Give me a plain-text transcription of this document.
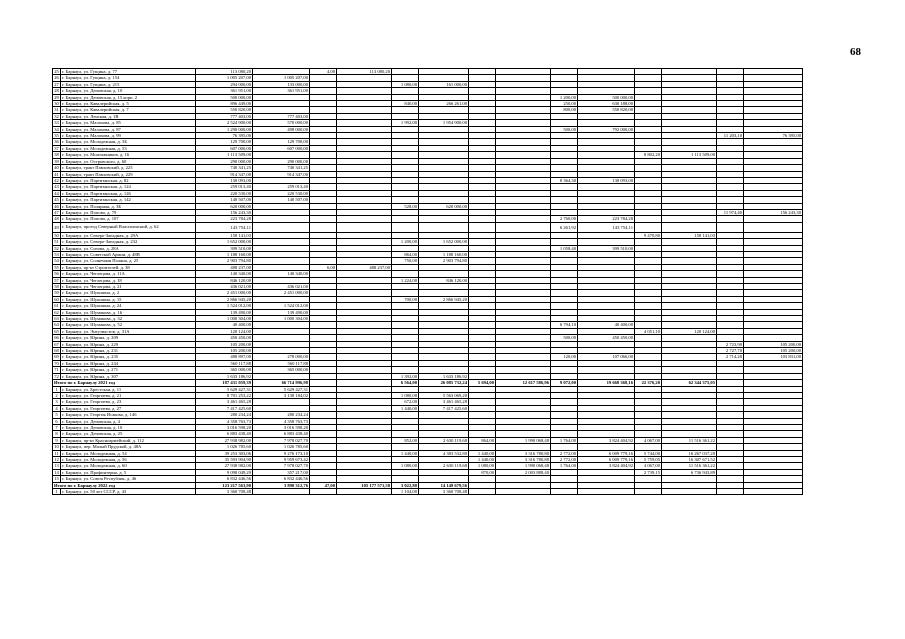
68
25	г. Барнаул, ул. Гущина, д. 77	113 080,20		4,00	113 080,20										
26	г. Барнаул, ул. Гущина, д. 154	1 005 207,00	1 005 207,00												
27	г. Барнаул, ул. Гущина, д. 215	294 000,00	133 000,00			1 080,00	161 000,00								
28	г. Барнаул, ул. Деповская, д. 10	361 951,00	361 951,00												
29	г. Барнаул, ул. Деповская, д. 15 корп. 2	500 000,00								1 200,00	500 000,00				
30	г. Барнаул, ул. Кавалерийская, д. 5	896 449,00				840,00	266 261,00			250,00	630 188,00				
31	г. Барнаул, ул. Кавалерийская, д. 7	550 820,00								800,00	550 820,00				
32	г. Барнаул, ул. Ленская, д. 1В	777 403,00	777 403,00												
33	г. Барнаул, ул. Малахова, д. 85	2 524 900,00	570 000,00			1 992,00	1 954 900,00								
34	г. Барнаул, ул. Малахова, д. 87	1 290 000,00	498 000,00							500,00	792 000,00				
35	г. Барнаул, ул. Малахова, д. 99	76 395,00												11 203,10	76 395,00
36	г. Барнаул, ул. Молодежная, д. 3Б	129 700,00	129 700,00												
37	г. Барнаул, ул. Молодежная, д. 53	607 000,00	607 000,00												
38	г. Барнаул, ул. Монтажников, д. 16	1 113 509,00										8 802,20	1 113 509,00		
39	г. Барнаул, ул. Островского, д. 60	290 000,00	290 000,00												
40	г. Барнаул, тракт Павловский, д. 225	740 341,25	740 341,25												
41	г. Барнаул, тракт Павловский, д. 229	914 347,00	914 347,00												
42	г. Барнаул, ул. Партизанская, д. 82	130 093,00								8 364,30	130 093,00				
43	г. Барнаул, ул. Партизанская, д. 124	259 013,40	259 013,40												
44	г. Барнаул, ул. Партизанская, д. 126	220 530,00	220 530,00												
45	г. Барнаул, ул. Партизанская, д. 142	140 507,00	140 507,00												
46	г. Барнаул, ул. Полярная, д. 3Б	620 000,00				528,00	620 000,00								
47	г. Барнаул, ул. Попова, д. 79	156 243,30												11 974,40	156 243,30
48	г. Барнаул, ул. Попова, д. 107	223 784,28								2 760,00	223 784,28				
49	г. Барнаул, проезд Северный Власихинский, д. 62	143 754,11								6 261,92	143 754,11				
50	г. Барнаул, ул. Северо-Западная, д. 29А	158 141,03										9 470,80	158 141,03		
51	г. Барнаул, ул. Северо-Западная, д. 232	1 652 000,00				1 200,00	1 652 000,00								
52	г. Барнаул, ул. Сизова, д. 28А	399 510,00								1 058,40	399 510,00				
53	г. Барнаул, ул. Советской Армии, д. 48В	1 188 160,00				864,00	1 188 160,00								
54	г. Барнаул, ул. Солнечная Поляна, д. 25	2 903 794,80				750,00	2 903 794,80								
55	г. Барнаул, пр-кт Строителей, д. 38	488 237,00		6,00	488 237,00										
56	г. Барнаул, ул. Чеглецова, д. 11А	140 340,00	140 340,00												
57	г. Барнаул, ул. Чеглецова, д. 18	846 120,00				1 224,00	846 120,00								
58	г. Барнаул, ул. Чеглецова, д. 21	436 021,00	436 021,00												
59	г. Барнаул, ул. Шукшина, д. 2	2 451 000,00	2 451 000,00												
60	г. Барнаул, ул. Шукшина, д. 15	2 866 945,20				700,00	2 866 945,20								
61	г. Барнаул, ул. Шукшина, д. 24	1 524 012,00	1 524 012,00												
62	г. Барнаул, ул. Шумакова, д. 16	139 490,00	139 490,00												
63	г. Барнаул, ул. Шумакова, д. 32	1 000 304,00	1 000 304,00												
64	г. Барнаул, ул. Шумакова, д. 52	40 400,00								6 794,10	40 400,00				
65	г. Барнаул, ул. Энтузиастов, д. 31А	120 124,00										4 051,10	120 124,00		
66	г. Барнаул, ул. Юрина, д. 209	450 450,00								500,00	450 450,00				
67	г. Барнаул, ул. Юрина, д. 229	105 200,00												2 723,90	105 200,00
68	г. Барнаул, ул. Юрина, д. 231	105 200,00												2 727,70	105 200,00
69	г. Барнаул, ул. Юрина, д. 235	488 897,00	278 000,00							120,00	107 066,00			2 714,20	103 831,00
70	г. Барнаул, ул. Юрина, д. 244	560 117,88	560 117,88												
71	г. Барнаул, ул. Юрина, д. 271	365 000,00	365 000,00												
72	г. Барнаул, ул. Юрина, д. 307	1 633 186,92				1 392,00	1 633 186,92								
Итого по г. Барнаулу 2021 год		187 431 059,39	66 714 996,98			6 564,00	26 085 732,24	5 694,00	12 617 586,96	9 072,00	19 668 368,16	22 376,20	62 344 375,05		
1	г. Барнаул, ул. Брестская, д. 11	5 629 427,31	5 629 427,31												
2	г. Барнаул, ул. Георгиева, д. 21	8 701 253,22	3 138 184,02			1 080,00	5 563 069,20								
3	г. Барнаул, ул. Георгиева, д. 23	3 461 465,28				672,00	3 461 465,28								
4	г. Барнаул, ул. Георгиева, д. 27	7 417 425,60				1 440,00	7 417 425,60								
5	г. Барнаул, ул. Георгия Исакова, д. 146	280 234,24	280 234,24												
6	г. Барнаул, ул. Деповская, д. 4	4 358 763,73	4 358 763,73												
7	г. Барнаул, ул. Деповская, д. 10	3 016 598,20	3 016 598,20												
8	г. Барнаул, ул. Деповская, д. 25	6 883 438,40	6 883 438,40												
9	г. Барнаул, пр-кт Красноармейский, д. 112	27 938 982,00	7 978 027,70			852,00	2 630 119,68	864,00	1 990 068,48	1 764,00	3 824 404,92	4 067,00	11 516 361,22		
10	г. Барнаул, пер. Малый Прудской, д. 48А	1 026 785,60	1 026 785,60												
11	г. Барнаул, ул. Молодежная, д. 54	39 253 303,06	9 276 173,10			1 440,00	4 383 532,80	1 440,00	3 316 780,80	2 772,00	6 009 779,16	5 744,00	16 267 037,20		
12	г. Барнаул, ул. Молодежная, д. 56	35 593 904,90	9 959 673,42					1 440,00	3 316 780,80	2 772,00	6 009 779,16	5 759,05	16 307 671,52		
13	г. Барнаул, ул. Молодежная, д. 60	27 938 982,00	7 978 027,70			1 080,00	2 630 119,68	1 080,00	1 990 068,48	1 764,00	3 824 404,92	4 067,00	11 516 361,22		
14	г. Барнаул, ул. Профинтерна, д. 5	9 098 049,29	357 217,00					870,00	2 003 888,40			2 739,15	6 736 943,89		
15	г. Барнаул, ул. Союза Республик, д. 46	6 832 446,56	6 832 446,56												
Итого по г. Барнаулу 2022 год		123 217 563,90	3 890 312,76	47,00	105 177 571,58	3 022,80	14 149 679,56								
1	г. Барнаул, ул. 50 лет СССР, д. 43	3 360 708,48				1 104,00	3 360 708,48								
